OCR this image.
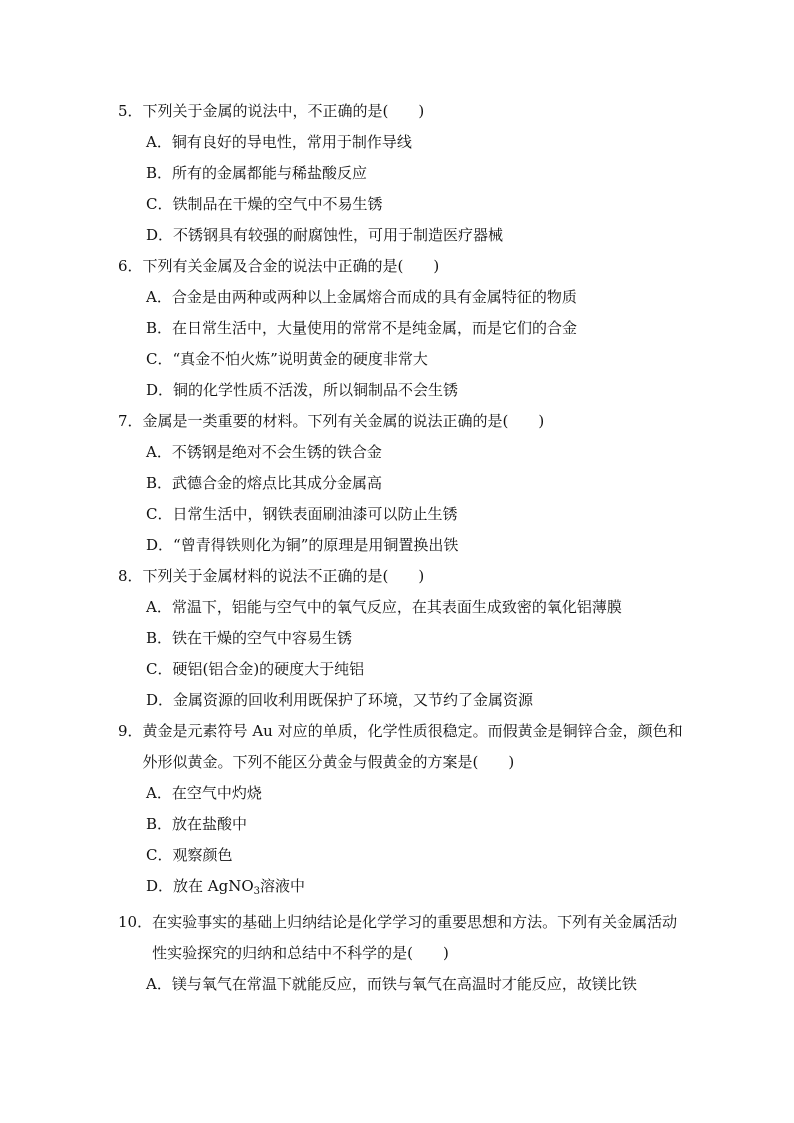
5． 下列关于金属的说法中，不正确的是(　　)
A．铜有良好的导电性，常用于制作导线
B．所有的金属都能与稀盐酸反应
C．铁制品在干燥的空气中不易生锈
D．不锈钢具有较强的耐腐蚀性，可用于制造医疗器械
6． 下列有关金属及合金的说法中正确的是(　　)
A．合金是由两种或两种以上金属熔合而成的具有金属特征的物质
B．在日常生活中，大量使用的常常不是纯金属，而是它们的合金
C．“真金不怕火炼”说明黄金的硬度非常大
D．铜的化学性质不活泼，所以铜制品不会生锈
7． 金属是一类重要的材料。下列有关金属的说法正确的是(　　)
A．不锈钢是绝对不会生锈的铁合金
B．武德合金的熔点比其成分金属高
C．日常生活中，钢铁表面刷油漆可以防止生锈
D．“曾青得铁则化为铜”的原理是用铜置换出铁
8． 下列关于金属材料的说法不正确的是(　　)
A．常温下，铝能与空气中的氧气反应，在其表面生成致密的氧化铝薄膜
B．铁在干燥的空气中容易生锈
C．硬铝(铝合金)的硬度大于纯铝
D．金属资源的回收利用既保护了环境，又节约了金属资源
9． 黄金是元素符号 Au 对应的单质，化学性质很稳定。而假黄金是铜锌合金，颜色和外形似黄金。下列不能区分黄金与假黄金的方案是(　　)
A．在空气中灼烧
B．放在盐酸中
C．观察颜色
D．放在 AgNO$_3$溶液中
10． 在实验事实的基础上归纳结论是化学学习的重要思想和方法。下列有关金属活动性实验探究的归纳和总结中不科学的是(　　)
A．镁与氧气在常温下就能反应，而铁与氧气在高温时才能反应，故镁比铁
